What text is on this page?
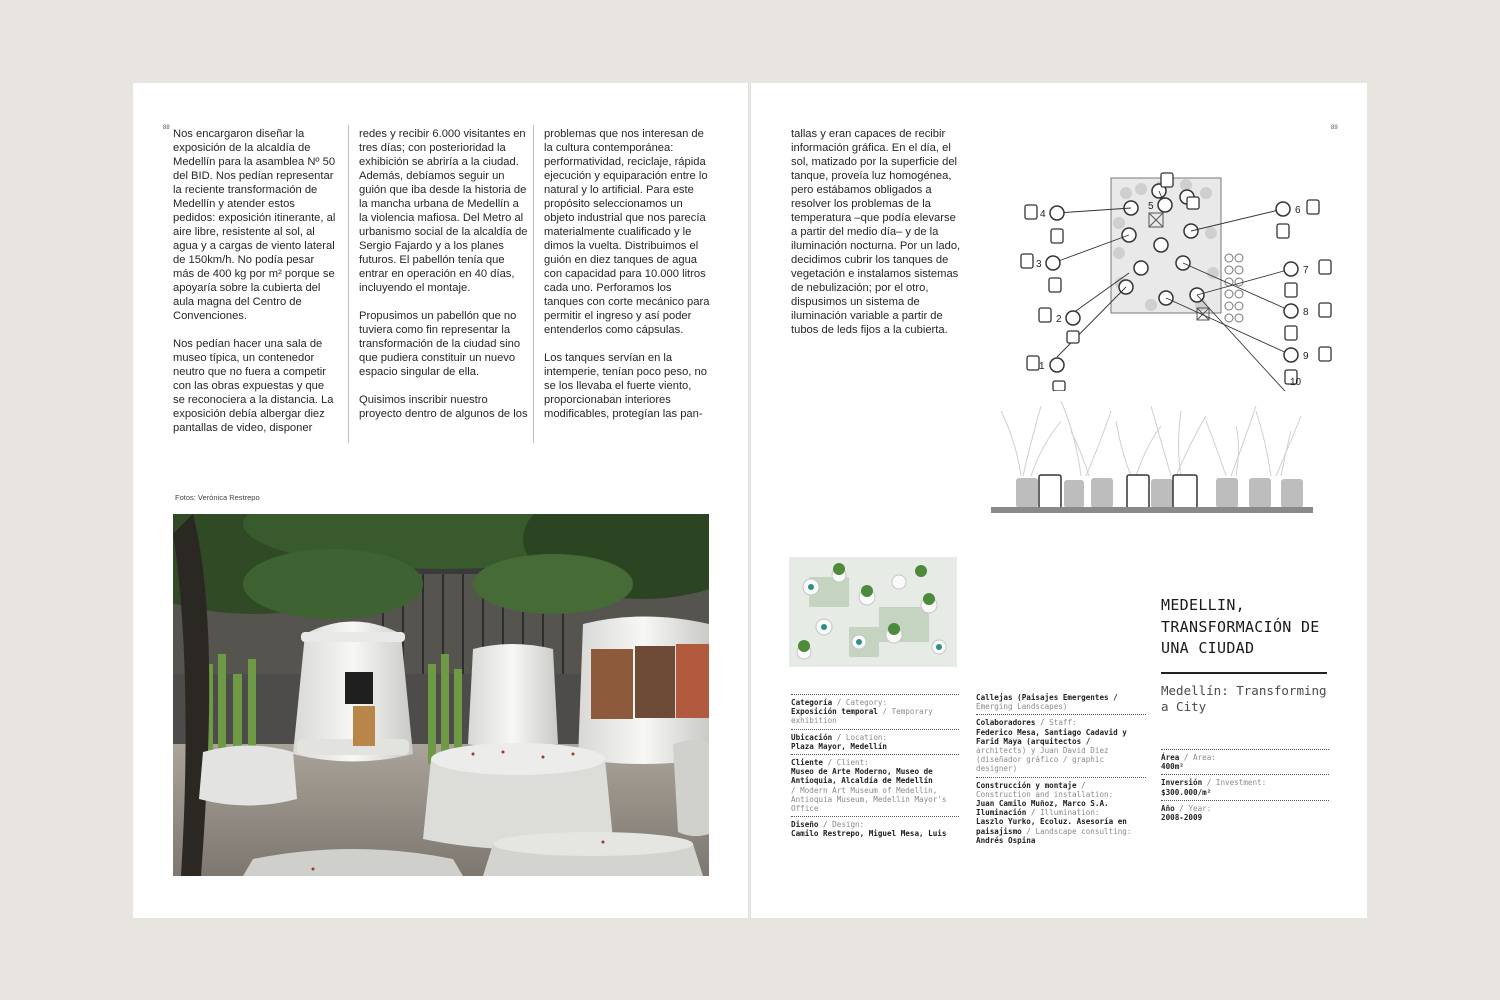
88 Nos encargaron diseñar la exposición de la alcaldía de Medellín para la asamblea Nº 50 del BID. Nos pedían representar la reciente transformación de Medellín y atender estos pedidos: exposición itinerante, al aire libre, resistente al sol, al agua y a cargas de viento lateral de 150km/h. No podía pesar más de 400 kg por m² porque se apoyaría sobre la cubierta del aula magna del Centro de Convenciones.

Nos pedían hacer una sala de museo típica, un contenedor neutro que no fuera a competir con las obras expuestas y que se reconociera a la distancia. La exposición debía albergar diez pantallas de video, disponer

redes y recibir 6.000 visitantes en tres días; con posterioridad la exhibición se abriría a la ciudad. Además, debíamos seguir un guión que iba desde la historia de la mancha urbana de Medellín a la violencia mafiosa. Del Metro al urbanismo social de la alcaldía de Sergio Fajardo y a los planes futuros. El pabellón tenía que entrar en operación en 40 días, incluyendo el montaje.

Propusimos un pabellón que no tuviera como fin representar la transformación de la ciudad sino que pudiera constituir un nuevo espacio singular de ella.

Quisimos inscribir nuestro proyecto dentro de algunos de los

problemas que nos interesan de la cultura contemporánea: performatividad, reciclaje, rápida ejecución y equiparación entre lo natural y lo artificial. Para este propósito seleccionamos un objeto industrial que nos parecía materialmente cualificado y le dimos la vuelta. Distribuimos el guión en diez tanques de agua con capacidad para 10.000 litros cada uno. Perforamos los tanques con corte mecánico para permitir el ingreso y así poder entenderlos como cápsulas.

Los tanques servían en la intemperie, tenían poco peso, no se los llevaba el fuerte viento, proporcionaban interiores modificables, protegían las pan-

Fotos: Verónica Restrepo
89

tallas y eran capaces de recibir información gráfica. En el día, el sol, matizado por la superficie del tanque, proveía luz homogénea, pero estábamos obligados a resolver los problemas de la temperatura –que podía elevarse a partir del medio día– y de la iluminación nocturna. Por un lado, decidimos cubrir los tanques de vegetación e instalamos sistemas de nebulización; por el otro, dispusimos un sistema de iluminación variable a partir de tubos de leds fijos a la cubierta.

1
2
3
4
5	6
7
8
9
10
MEDELLIN, TRANSFORMACIÓN DE UNA CIUDAD
Medellín: Transforming a City
Categoría / Category:
Exposición temporal / Temporary exhibition
Ubicación / Location:
Plaza Mayor, Medellín
Cliente / Client:
Museo de Arte Moderno, Museo de Antioquia, Alcaldía de Medellín
/ Modern Art Museum of Medellin, Antioquia Museum, Medellin Mayor's Office
Diseño / Design:
Camilo Restrepo, Miguel Mesa, Luis
Callejas (Paisajes Emergentes /
Emerging Landscapes)
Colaboradores / Staff:
Federico Mesa, Santiago Cadavid y Farid Maya (arquitectos /
architects) y Juan David Díez (diseñador gráfico / graphic designer)
Construcción y montaje /
Construction and installation:
Juan Camilo Muñoz, Marco S.A.
Iluminación / Illumination:
Laszlo Yurko, Ecoluz. Asesoría en paisajismo / Landscape consulting:
Andrés Ospina
Área / Area:
400m²
Inversión / Investment:
$300.000/m²
Año / Year:
2008-2009
